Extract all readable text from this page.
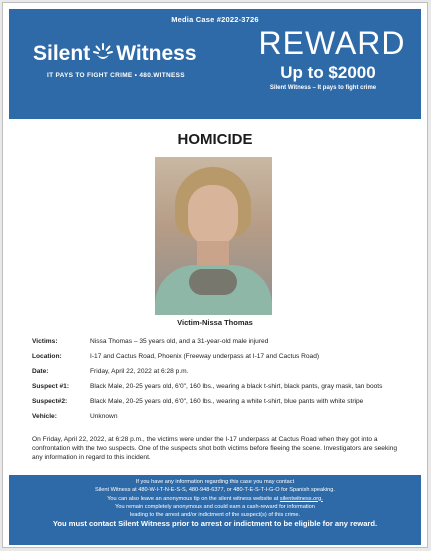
Media Case #2022-3726
Silent Witness
IT PAYS TO FIGHT CRIME • 480.WITNESS
REWARD
Up to $2000
Silent Witness – It pays to fight crime
HOMICIDE
Victim-Nissa Thomas
Victims:	Nissa Thomas – 35 years old, and a 31-year-old male injured
Location:	I-17 and Cactus Road, Phoenix (Freeway underpass at I-17 and Cactus Road)
Date:	Friday, April 22, 2022 at 6:28 p.m.
Suspect #1:	Black Male, 20-25 years old, 6'0", 160 lbs., wearing a black t-shirt, black pants, gray mask, tan boots
Suspect#2:	Black Male, 20-25 years old, 6'0", 160 lbs., wearing a white t-shirt, blue pants with white stripe
Vehicle:	Unknown
On Friday, April 22, 2022, at 6:28 p.m., the victims were under the I-17 underpass at Cactus Road when they got into a confrontation with the two suspects. One of the suspects shot both victims before fleeing the scene. Investigators are seeking any information in regard to this incident.
If you have any information regarding this case you may contact
Silent Witness at 480-W-I-T-N-E-S-S, 480-948-6377, or 480-T-E-S-T-I-G-O for Spanish speaking.
You can also leave an anonymous tip on the silent witness website at silentwitness.org.
You remain completely anonymous and could earn a cash-reward for information
leading to the arrest and/or indictment of the suspect(s) of this crime.
You must contact Silent Witness prior to arrest or indictment to be eligible for any reward.
